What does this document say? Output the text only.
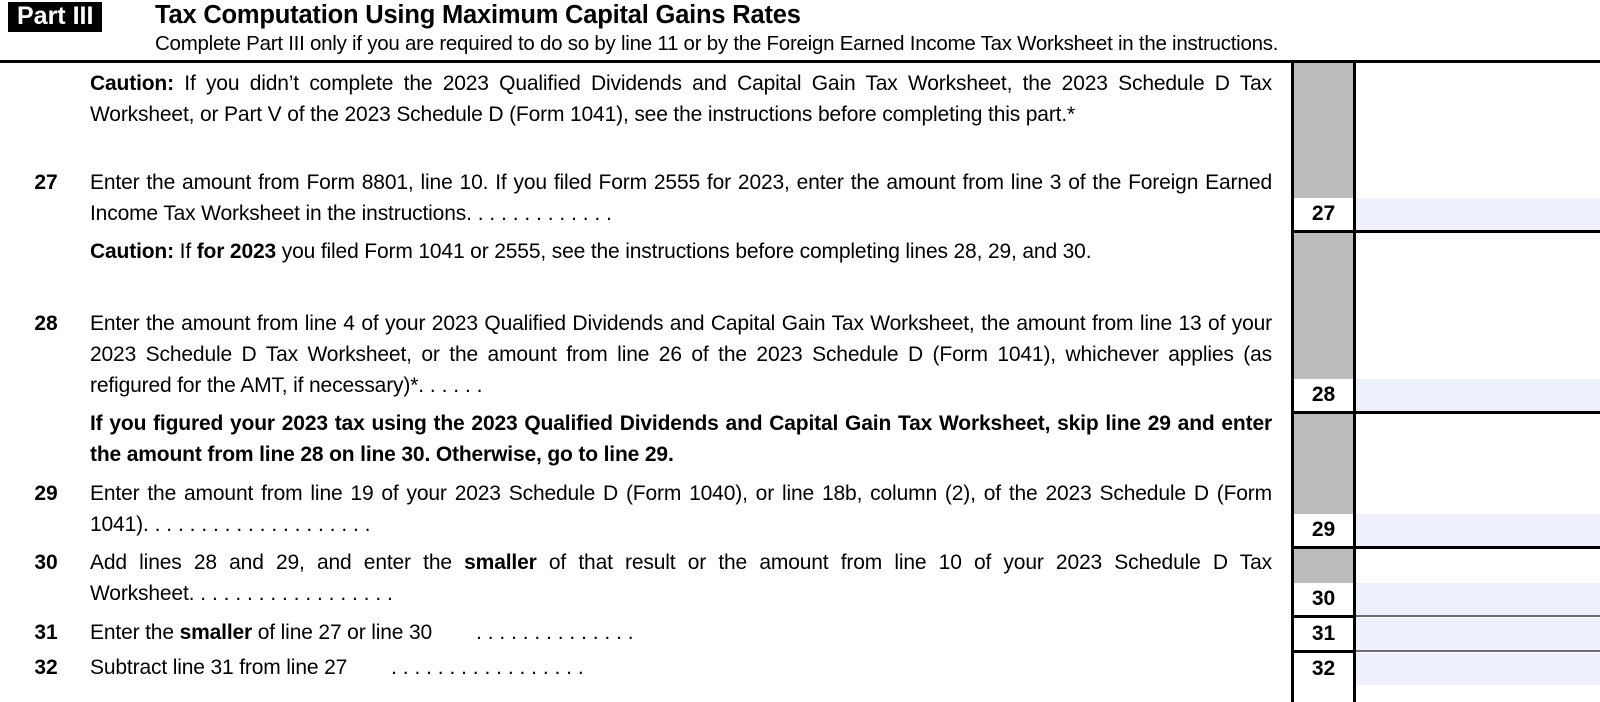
Part III	Tax Computation Using Maximum Capital Gains Rates
Complete Part III only if you are required to do so by line 11 or by the Foreign Earned Income Tax Worksheet in the instructions.
27
28
29
30
31
32
Caution: If you didn’t complete the 2023 Qualified Dividends and Capital Gain Tax Worksheet, the 2023 Schedule D Tax Worksheet, or Part V of the 2023 Schedule D (Form 1041), see the instructions before completing this part.*
27	Enter the amount from Form 8801, line 10. If you filed Form 2555 for 2023, enter the amount from line 3 of the Foreign Earned Income Tax Worksheet in the instructions. . . . . . . . . . . . .
Caution: If for 2023 you filed Form 1041 or 2555, see the instructions before completing lines 28, 29, and 30.
28	Enter the amount from line 4 of your 2023 Qualified Dividends and Capital Gain Tax Worksheet, the amount from line 13 of your 2023 Schedule D Tax Worksheet, or the amount from line 26 of the 2023 Schedule D (Form 1041), whichever applies (as refigured for the AMT, if necessary)*. . . . . .
If you figured your 2023 tax using the 2023 Qualified Dividends and Capital Gain Tax Worksheet, skip line 29 and enter the amount from line 28 on line 30. Otherwise, go to line 29.
29	Enter the amount from line 19 of your 2023 Schedule D (Form 1040), or line 18b, column (2), of the 2023 Schedule D (Form 1041). . . . . . . . . . . . . . . . . . . .
30	Add lines 28 and 29, and enter the smaller of that result or the amount from line 10 of your 2023 Schedule D Tax Worksheet. . . . . . . . . . . . . . . . . .
31	Enter the smaller of line 27 or line 30 . . . . . . . . . . . . . .
32	Subtract line 31 from line 27 . . . . . . . . . . . . . . . . .
